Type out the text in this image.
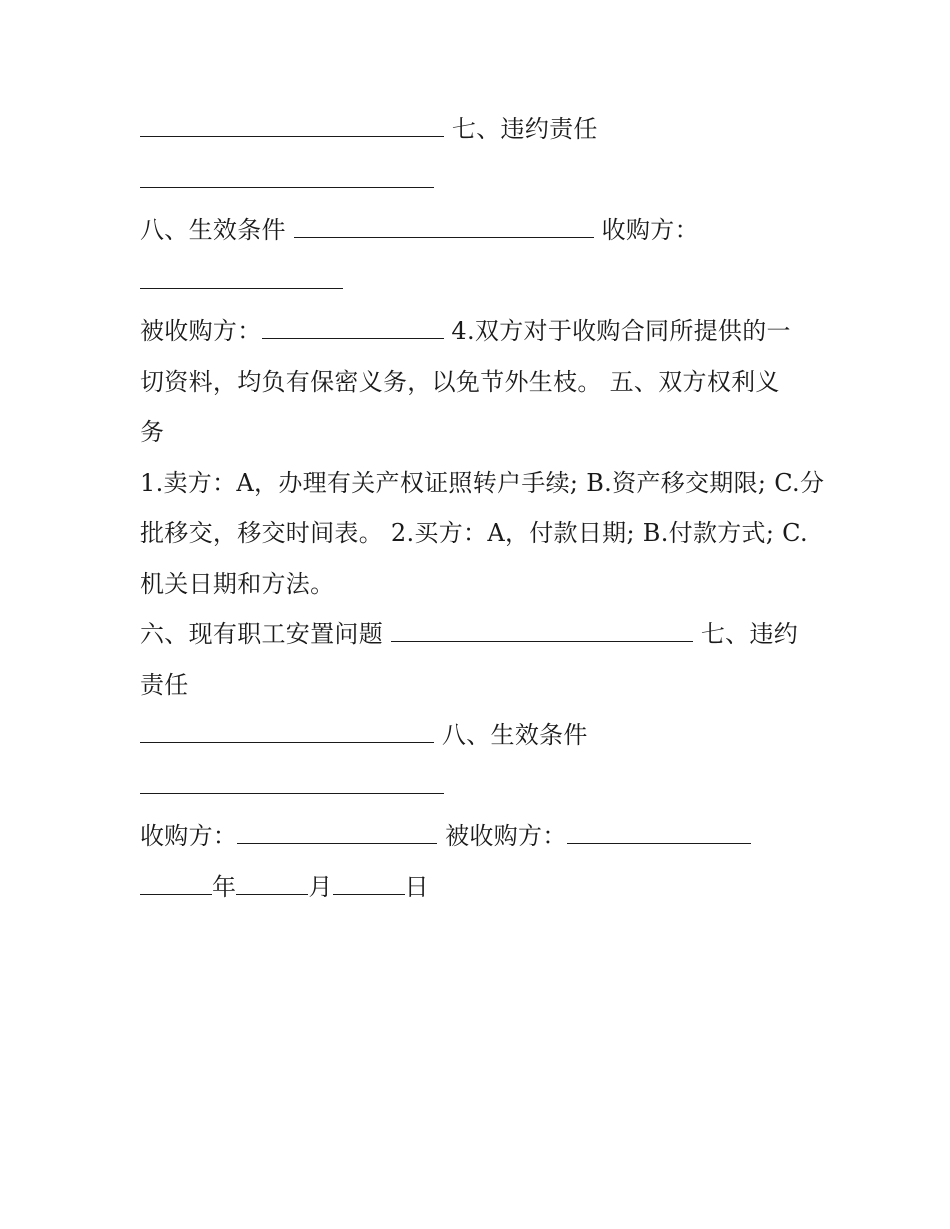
七、违约责任
八、生效条件	收购方：
被收购方：	4.双方对于收购合同所提供的一
切资料，均负有保密义务，以免节外生枝。 五、双方权利义
务
1.卖方：A，办理有关产权证照转户手续; B.资产移交期限; C.分
批移交，移交时间表。 2.买方：A，付款日期; B.付款方式; C.
机关日期和方法。
六、现有职工安置问题	七、违约
责任
八、生效条件
收购方：	被收购方：
年	月	日
